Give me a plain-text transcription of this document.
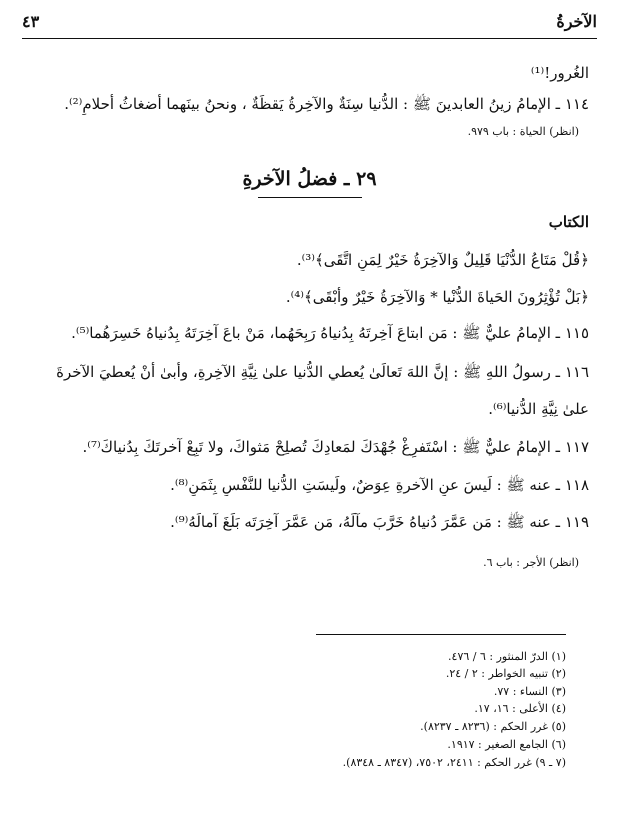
الآخرةُ
٤٣
الغُرور!⁽¹⁾
١١٤ ـ الإمامُ زينُ العابدينَ ﷺ : الدُّنيا سِنَةٌ والآخِرةُ يَقظَةٌ ، ونحنُ بينَهما أضغاثُ أحلامٍ⁽²⁾.
(انظر) الحياة : باب ٩٧٩.
٢٩ ـ فضلُ الآخرةِ
الكتاب
﴿قُلْ مَتَاعُ الدُّنْيَا قَلِيلٌ وَالآخِرَةُ خَيْرٌ لِمَنِ اتَّقَى﴾⁽³⁾.
﴿بَلْ تُؤْثِرُونَ الحَياةَ الدُّنْيا * وَالآخِرَةُ خَيْرٌ وأبْقَى﴾⁽⁴⁾.
١١٥ ـ الإمامُ عليٌّ ﷺ : مَن ابتاعَ آخِرتَهُ بِدُنياهُ رَبِحَهُما، مَنْ باعَ آخِرَتَهُ بِدُنياهُ خَسِرَهُما⁽⁵⁾.
١١٦ ـ رسولُ اللهِ ﷺ : إنَّ اللهَ تَعالَىٰ يُعطي الدُّنيا علىٰ نِيَّةِ الآخِرةِ، وأبىٰ أنْ يُعطيَ الآخرةَ
علىٰ نِيَّةِ الدُّنيا⁽⁶⁾.
١١٧ ـ الإمامُ عليٌّ ﷺ : اسْتَفرِغْ جُهْدَكَ لمَعادِكَ تُصلِحْ مَثواكَ، ولا تَبِعْ آخرتَكَ بِدُنياكَ⁽⁷⁾.
١١٨ ـ عنه ﷺ : لَيسَ عنِ الآخرةِ عِوَضٌ، ولَيسَتِ الدُّنيا للنَّفْسِ بِثَمَنٍ⁽⁸⁾.
١١٩ ـ عنه ﷺ : مَن عَمَّرَ دُنياهُ خَرَّبَ مآلَهُ، مَن عَمَّرَ آخِرَتَه بَلَغَ آمالَهُ⁽⁹⁾.
(انظر) الأجر : باب ٦.
(١) الدرّ المنثور : ٦ / ٤٧٦.
(٢) تنبيه الخواطر : ٢ / ٢٤.
(٣) النساء : ٧٧.
(٤) الأعلى : ١٦، ١٧.
(٥) غرر الحكم : (٨٢٣٦ ـ ٨٢٣٧).
(٦) الجامع الصغير : ١٩١٧.
(٧ ـ ٩) غرر الحكم : ٢٤١١، ٧٥٠٢، (٨٣٤٧ ـ ٨٣٤٨).
